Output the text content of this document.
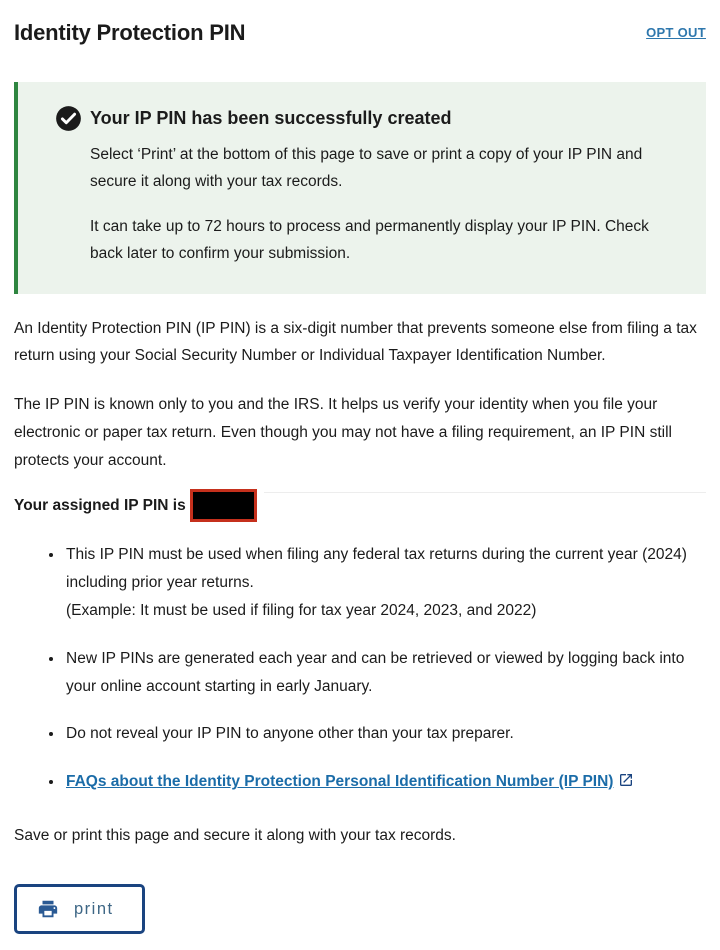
Identity Protection PIN	OPT OUT

Your IP PIN has been successfully created

Select ‘Print’ at the bottom of this page to save or print a copy of your IP PIN and secure it along with your tax records.

It can take up to 72 hours to process and permanently display your IP PIN. Check back later to confirm your submission.

An Identity Protection PIN (IP PIN) is a six-digit number that prevents someone else from filing a tax return using your Social Security Number or Individual Taxpayer Identification Number.

The IP PIN is known only to you and the IRS. It helps us verify your identity when you file your electronic or paper tax return. Even though you may not have a filing requirement, an IP PIN still protects your account.

Your assigned IP PIN is
• This IP PIN must be used when filing any federal tax returns during the current year (2024) including prior year returns.
(Example: It must be used if filing for tax year 2024, 2023, and 2022)
• New IP PINs are generated each year and can be retrieved or viewed by logging back into your online account starting in early January.
• Do not reveal your IP PIN to anyone other than your tax preparer.
• FAQs about the Identity Protection Personal Identification Number (IP PIN)

Save or print this page and secure it along with your tax records.

print
